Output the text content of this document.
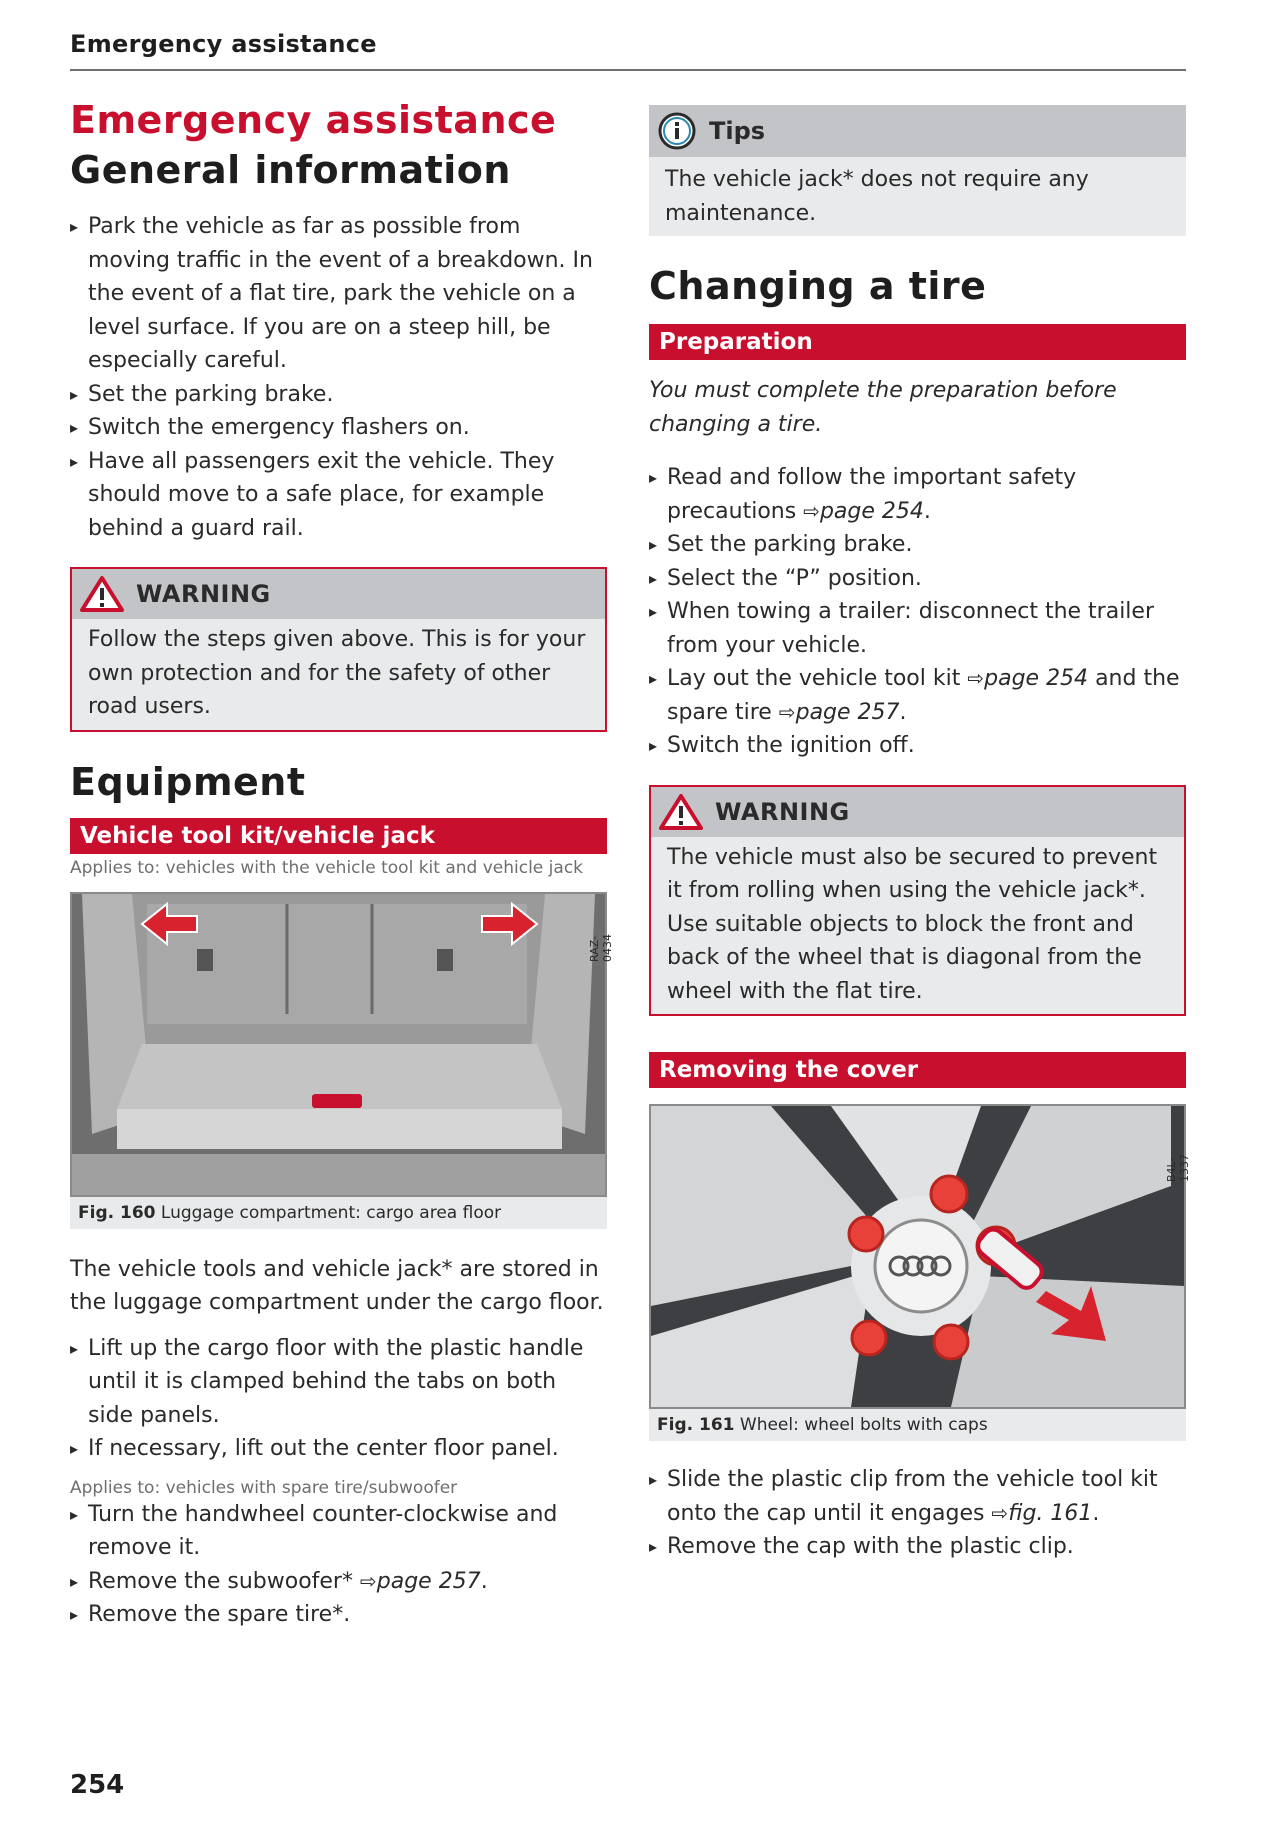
Emergency assistance
Emergency assistance
General information
▸ Park the vehicle as far as possible from moving traffic in the event of a breakdown. In the event of a flat tire, park the vehicle on a level surface. If you are on a steep hill, be especially careful.
▸ Set the parking brake.
▸ Switch the emergency flashers on.
▸ Have all passengers exit the vehicle. They should move to a safe place, for example behind a guard rail.
WARNING
Follow the steps given above. This is for your own protection and for the safety of other road users.
Equipment
Vehicle tool kit/vehicle jack

Applies to: vehicles with the vehicle tool kit and vehicle jack

RAZ-0434
Fig. 160 Luggage compartment: cargo area floor

The vehicle tools and vehicle jack* are stored in the luggage compartment under the cargo floor.

▸ Lift up the cargo floor with the plastic handle until it is clamped behind the tabs on both side panels.
▸ If necessary, lift out the center floor panel.

Applies to: vehicles with spare tire/subwoofer

▸ Turn the handwheel counter-clockwise and remove it.
▸ Remove the subwoofer* ⇨page 257.
▸ Remove the spare tire*.
Tips
The vehicle jack* does not require any maintenance.
Changing a tire
Preparation

You must complete the preparation before changing a tire.

▸ Read and follow the important safety precautions ⇨page 254.
▸ Set the parking brake.
▸ Select the “P” position.
▸ When towing a trailer: disconnect the trailer from your vehicle.
▸ Lay out the vehicle tool kit ⇨page 254 and the spare tire ⇨page 257.
▸ Switch the ignition off.
WARNING
The vehicle must also be secured to prevent it from rolling when using the vehicle jack*. Use suitable objects to block the front and back of the wheel that is diagonal from the wheel with the flat tire.
Removing the cover
B4L-1337
Fig. 161 Wheel: wheel bolts with caps
▸ Slide the plastic clip from the vehicle tool kit onto the cap until it engages ⇨fig. 161.
▸ Remove the cap with the plastic clip.
254
